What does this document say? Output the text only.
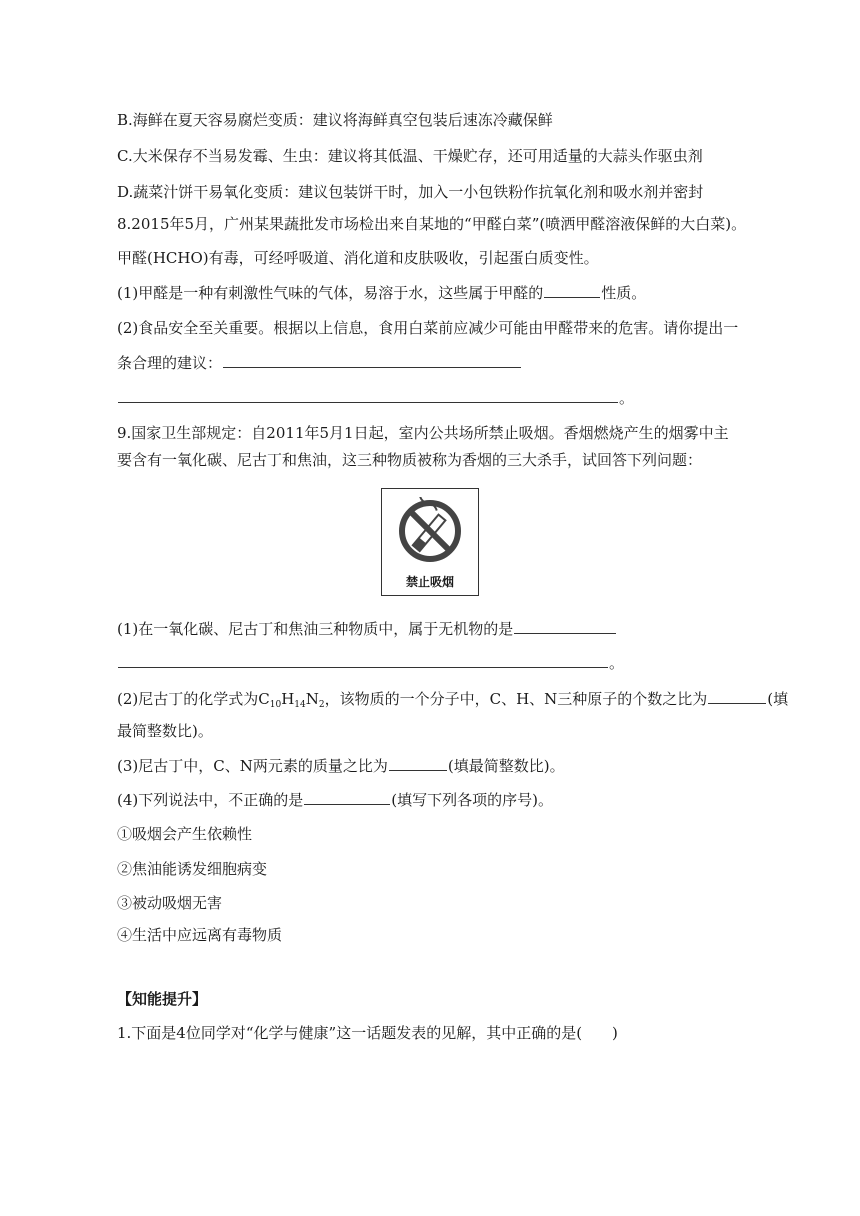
B.海鲜在夏天容易腐烂变质：建议将海鲜真空包装后速冻冷藏保鲜
C.大米保存不当易发霉、生虫：建议将其低温、干燥贮存，还可用适量的大蒜头作驱虫剂
D.蔬菜汁饼干易氧化变质：建议包装饼干时，加入一小包铁粉作抗氧化剂和吸水剂并密封
8.2015年5月，广州某果蔬批发市场检出来自某地的“甲醛白菜”(喷洒甲醛溶液保鲜的大白菜)。
甲醛(HCHO)有毒，可经呼吸道、消化道和皮肤吸收，引起蛋白质变性。
(1)甲醛是一种有刺激性气味的气体，易溶于水，这些属于甲醛的	性质。
(2)食品安全至关重要。根据以上信息，食用白菜前应减少可能由甲醛带来的危害。请你提出一
条合理的建议：
。
9.国家卫生部规定：自2011年5月1日起，室内公共场所禁止吸烟。香烟燃烧产生的烟雾中主
要含有一氧化碳、尼古丁和焦油，这三种物质被称为香烟的三大杀手，试回答下列问题：
禁止吸烟
(1)在一氧化碳、尼古丁和焦油三种物质中，属于无机物的是
。
(2)尼古丁的化学式为$C_{10}H_{14}N_2$，该物质的一个分子中，C、H、N三种原子的个数之比为	(填
最简整数比)。
(3)尼古丁中，C、N两元素的质量之比为	(填最简整数比)。
(4)下列说法中，不正确的是	(填写下列各项的序号)。
①吸烟会产生依赖性
②焦油能诱发细胞病变
③被动吸烟无害
④生活中应远离有毒物质
【知能提升】
1.下面是4位同学对“化学与健康”这一话题发表的见解，其中正确的是(　　)
